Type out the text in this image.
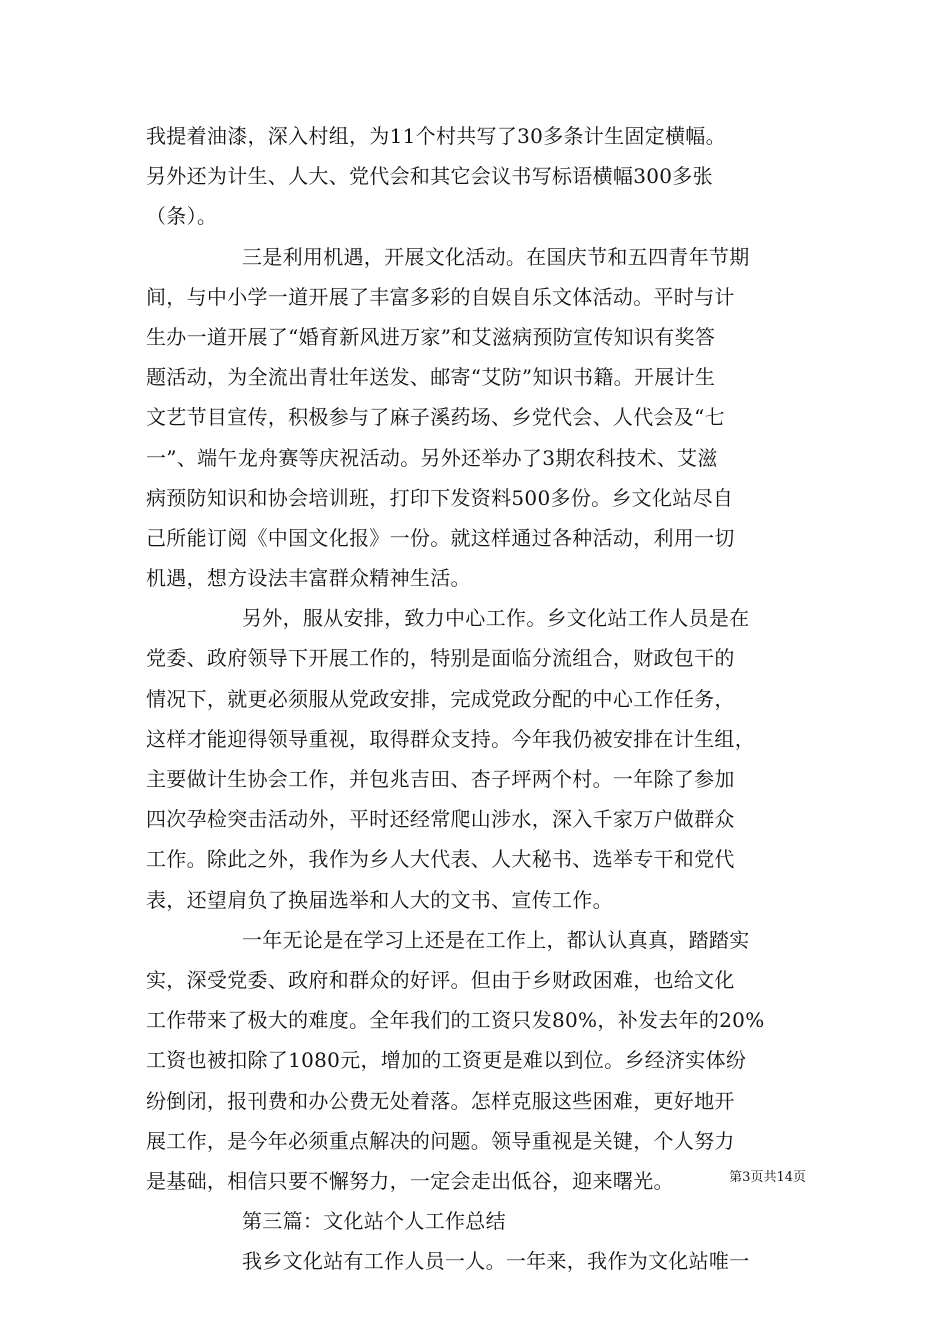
我提着油漆，深入村组，为11个村共写了30多条计生固定横幅。
另外还为计生、人大、党代会和其它会议书写标语横幅300多张
（条）。
三是利用机遇，开展文化活动。在国庆节和五四青年节期
间，与中小学一道开展了丰富多彩的自娱自乐文体活动。平时与计
生办一道开展了“婚育新风进万家”和艾滋病预防宣传知识有奖答
题活动，为全流出青壮年送发、邮寄“艾防”知识书籍。开展计生
文艺节目宣传，积极参与了麻子溪药场、乡党代会、人代会及“七
一”、端午龙舟赛等庆祝活动。另外还举办了3期农科技术、艾滋
病预防知识和协会培训班，打印下发资料500多份。乡文化站尽自
己所能订阅《中国文化报》一份。就这样通过各种活动，利用一切
机遇，想方设法丰富群众精神生活。
另外，服从安排，致力中心工作。乡文化站工作人员是在
党委、政府领导下开展工作的，特别是面临分流组合，财政包干的
情况下，就更必须服从党政安排，完成党政分配的中心工作任务，
这样才能迎得领导重视，取得群众支持。今年我仍被安排在计生组，
主要做计生协会工作，并包兆吉田、杏子坪两个村。一年除了参加
四次孕检突击活动外，平时还经常爬山涉水，深入千家万户做群众
工作。除此之外，我作为乡人大代表、人大秘书、选举专干和党代
表，还望肩负了换届选举和人大的文书、宣传工作。
一年无论是在学习上还是在工作上，都认认真真，踏踏实
实，深受党委、政府和群众的好评。但由于乡财政困难，也给文化
工作带来了极大的难度。全年我们的工资只发80%，补发去年的20%
工资也被扣除了1080元，增加的工资更是难以到位。乡经济实体纷
纷倒闭，报刊费和办公费无处着落。怎样克服这些困难，更好地开
展工作，是今年必须重点解决的问题。领导重视是关键，个人努力
是基础，相信只要不懈努力，一定会走出低谷，迎来曙光。
第三篇：文化站个人工作总结
我乡文化站有工作人员一人。一年来，我作为文化站唯一
第3页共14页
